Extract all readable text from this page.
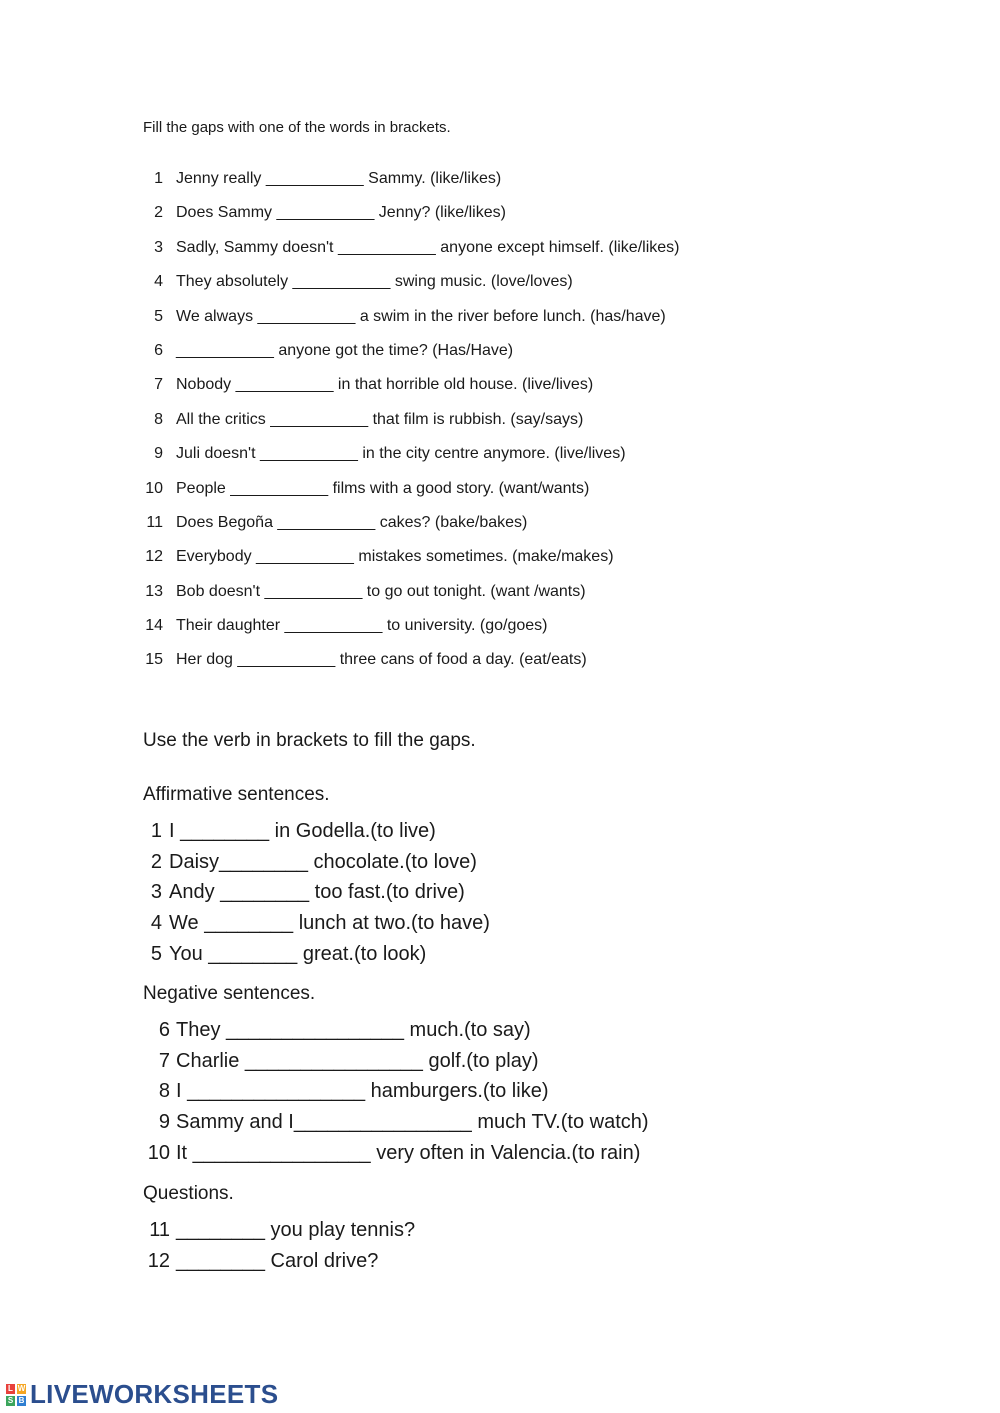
Fill the gaps with one of the words in brackets.
1 Jenny really ___________ Sammy. (like/likes)
2 Does Sammy ___________ Jenny? (like/likes)
3 Sadly, Sammy doesn't ___________ anyone except himself. (like/likes)
4 They absolutely ___________ swing music. (love/loves)
5 We always ___________ a swim in the river before lunch. (has/have)
6 ___________ anyone got the time? (Has/Have)
7 Nobody ___________ in that horrible old house. (live/lives)
8 All the critics ___________ that film is rubbish. (say/says)
9 Juli doesn't ___________ in the city centre anymore. (live/lives)
10 People ___________ films with a good story. (want/wants)
11 Does Begoña ___________ cakes? (bake/bakes)
12 Everybody ___________ mistakes sometimes. (make/makes)
13 Bob doesn't ___________ to go out tonight. (want /wants)
14 Their daughter ___________ to university. (go/goes)
15 Her dog ___________ three cans of food a day. (eat/eats)
Use the verb in brackets to fill the gaps.
Affirmative sentences.
1 I ________ in Godella.(to live)
2 Daisy________ chocolate.(to love)
3 Andy ________ too fast.(to drive)
4 We ________ lunch at two.(to have)
5 You ________ great.(to look)
Negative sentences.
6 They ________________ much.(to say)
7 Charlie ________________ golf.(to play)
8 I ________________ hamburgers.(to like)
9 Sammy and I________________ much TV.(to watch)
10 It ________________ very often in Valencia.(to rain)
Questions.
11 ________ you play tennis?
12 ________ Carol drive?
L W
S B LIVEWORKSHEETS
